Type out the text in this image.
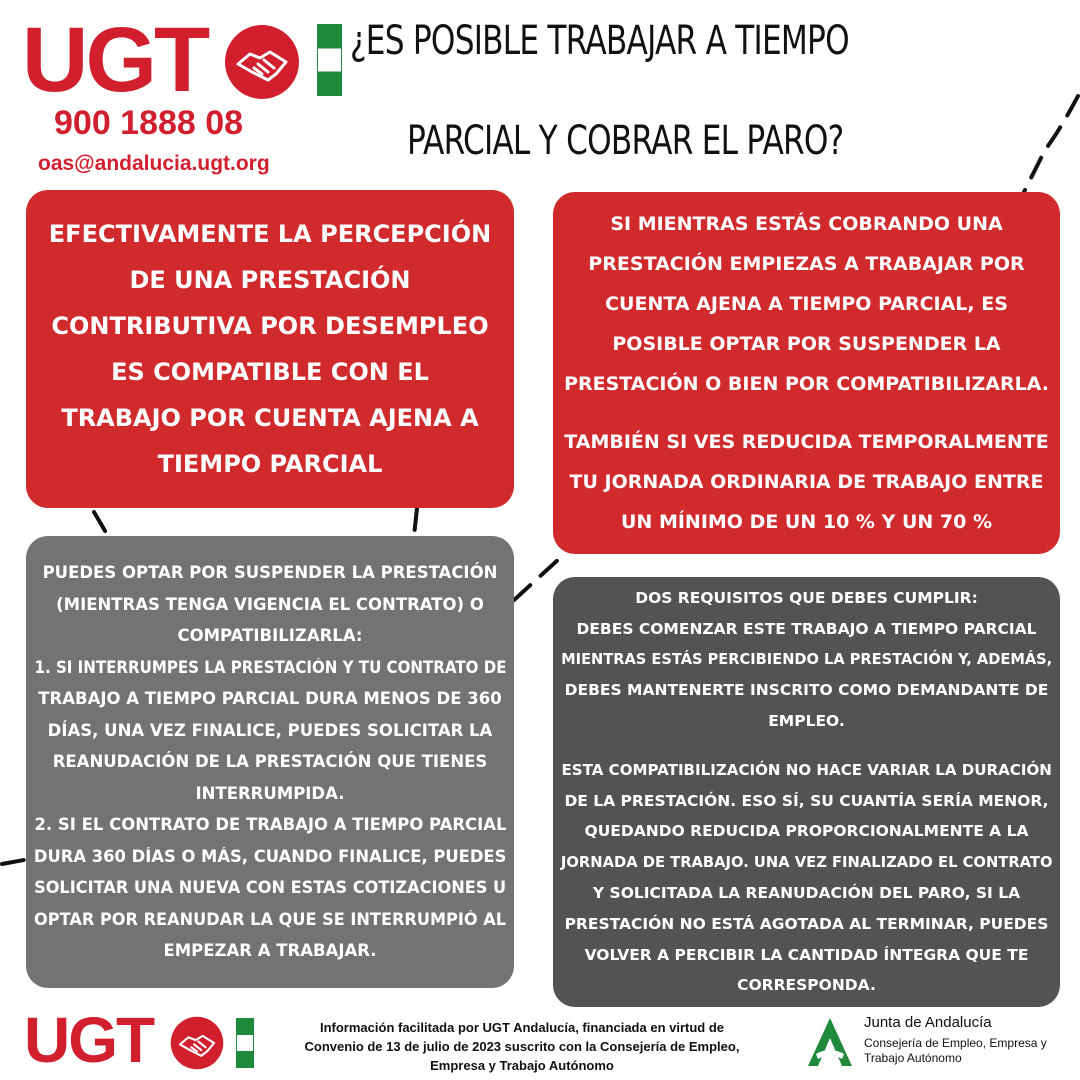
UGT
900 1888 08
oas@andalucia.ugt.org
¿ES POSIBLE TRABAJAR A TIEMPO
PARCIAL Y COBRAR EL PARO?
EFECTIVAMENTE LA PERCEPCIÓN
DE UNA PRESTACIÓN
CONTRIBUTIVA POR DESEMPLEO
ES COMPATIBLE CON EL
TRABAJO POR CUENTA AJENA A
TIEMPO PARCIAL

SI MIENTRAS ESTÁS COBRANDO UNA
PRESTACIÓN EMPIEZAS A TRABAJAR POR
CUENTA AJENA A TIEMPO PARCIAL, ES
POSIBLE OPTAR POR SUSPENDER LA
PRESTACIÓN O BIEN POR COMPATIBILIZARLA.

TAMBIÉN SI VES REDUCIDA TEMPORALMENTE
TU JORNADA ORDINARIA DE TRABAJO ENTRE
UN MÍNIMO DE UN 10 % Y UN 70 %

PUEDES OPTAR POR SUSPENDER LA PRESTACIÓN
(MIENTRAS TENGA VIGENCIA EL CONTRATO) O
COMPATIBILIZARLA:
1. SI INTERRUMPES LA PRESTACIÓN Y TU CONTRATO DE
TRABAJO A TIEMPO PARCIAL DURA MENOS DE 360
DÍAS, UNA VEZ FINALICE, PUEDES SOLICITAR LA
REANUDACIÓN DE LA PRESTACIÓN QUE TIENES
INTERRUMPIDA.
2. SI EL CONTRATO DE TRABAJO A TIEMPO PARCIAL
DURA 360 DÍAS O MÁS, CUANDO FINALICE, PUEDES
SOLICITAR UNA NUEVA CON ESTAS COTIZACIONES U
OPTAR POR REANUDAR LA QUE SE INTERRUMPIÓ AL
EMPEZAR A TRABAJAR.

DOS REQUISITOS QUE DEBES CUMPLIR:
DEBES COMENZAR ESTE TRABAJO A TIEMPO PARCIAL
MIENTRAS ESTÁS PERCIBIENDO LA PRESTACIÓN Y, ADEMÁS,
DEBES MANTENERTE INSCRITO COMO DEMANDANTE DE
EMPLEO.

ESTA COMPATIBILIZACIÓN NO HACE VARIAR LA DURACIÓN
DE LA PRESTACIÓN. ESO SÍ, SU CUANTÍA SERÍA MENOR,
QUEDANDO REDUCIDA PROPORCIONALMENTE A LA
JORNADA DE TRABAJO. UNA VEZ FINALIZADO EL CONTRATO
Y SOLICITADA LA REANUDACIÓN DEL PARO, SI LA
PRESTACIÓN NO ESTÁ AGOTADA AL TERMINAR, PUEDES
VOLVER A PERCIBIR LA CANTIDAD ÍNTEGRA QUE TE
CORRESPONDA.

UGT	Información facilitada por UGT Andalucía, financiada en virtud de
Convenio de 13 de julio de 2023 suscrito con la Consejería de Empleo,
Empresa y Trabajo Autónomo
Junta de Andalucía
Consejería de Empleo, Empresa y
Trabajo Autónomo
